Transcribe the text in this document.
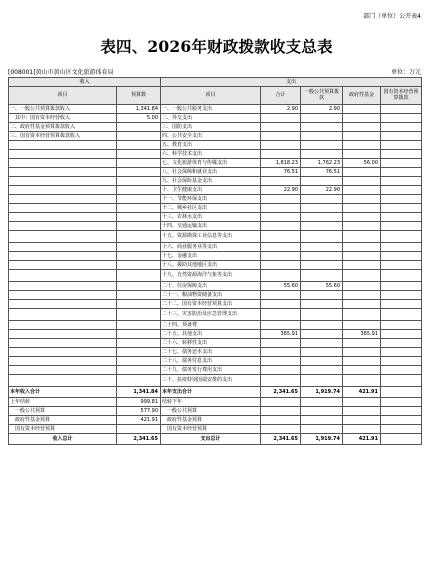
部门（单位）公开表4
表四、2026年财政拨款收支总表
[008001]黄山市黄山区文化旅游体育局	单位：万元
收入		支出				
项目	预算数	项目	合计	一般公共预算拨款	政府性基金	国有资本经营预算拨款
一、一般公共预算拨款收入	1,341.84	一、一般公共服务支出	2.90	2.90		
其中：国有资本经营收入	5.00	二、外交支出				
二、政府性基金预算拨款收入		三、国防支出				
三、国有资本经营预算拨款收入		四、公共安全支出				
		五、教育支出				
		六、科学技术支出				
		七、文化旅游体育与传媒支出	1,818.23	1,762.23	56.00	
		八、社会保障和就业支出	76.51	76.51		
		九、社会保险基金支出				
		十、卫生健康支出	22.90	22.90		
		十一、节能环保支出				
		十二、城乡社区支出				
		十三、农林水支出				
		十四、交通运输支出				
		十五、资源勘探工业信息等支出				
		十六、商业服务业等支出				
		十七、金融支出				
		十八、援助其他地区支出				
		十九、自然资源海洋气象等支出				
		二十、住房保障支出	55.60	55.60		
		二十一、粮油物资储备支出				
		二十二、国有资本经营预算支出				
		二十三、灾害防治及应急管理支出				
		二十四、预备费				
		二十五、其他支出	365.91		365.91	
		二十六、转移性支出				
		二十七、债务还本支出				
		二十八、债务付息支出				
		二十九、债务发行费用支出				
		三十、抗疫特别国债安排的支出				
本年收入合计	1,341.84	本年支出合计	2,341.65	1,919.74	421.91	
上年结转	999.81	结转下年				
一般公共预算	577.90	一般公共预算				
政府性基金预算	421.91	政府性基金预算				
国有资本经营预算		国有资本经营预算				
收入总计	2,341.65	支出总计	2,341.65	1,919.74	421.91	
